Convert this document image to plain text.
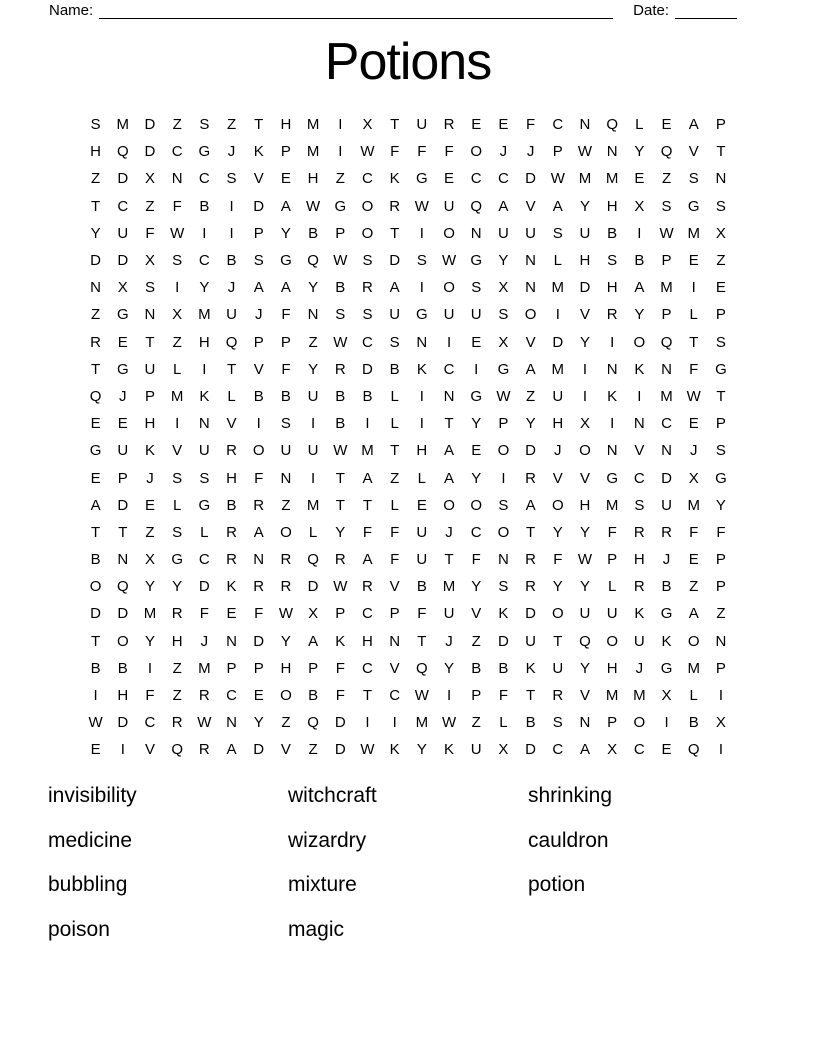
Name:	Date:
Potions
S	M	D	Z	S	Z	T	H	M	I	X	T	U	R	E	E	F	C	N	Q	L	E	A	P
H	Q	D	C	G	J	K	P	M	I	W	F	F	F	O	J	J	P	W N	Y	Q	V	T
Z	D	X	N	C	S	V	E	H	Z	C	K	G	E	C	C	D W M M	E	Z	S	N
T	C	Z	F	B	I	D	A	W G	O	R W U	Q	A	V	A	Y	H	X	S	G	S
Y	U	F	W	I	I	P	Y	B	P	O	T	I	O	N	U	U	S	U	B	I	W M	X
D	D	X	S	C	B	S	G	Q W	S	D	S	W G	Y	N	L	H	S	B	P	E	Z
N	X	S	I	Y	J	A	A	Y	B	R	A	I	O	S	X	N	M	D	H	A	M	I	E
Z	G	N	X	M	U	J	F	N	S	S	U	G	U	U	S	O	I	V	R	Y	P	L	P
R	E	T	Z	H	Q	P	P	Z	W C	S	N	I	E	X	V	D	Y	I	O	Q	T	S
T	G	U	L	I	T	V	F	Y	R	D	B	K	C	I	G	A	M	I	N	K	N	F	G
Q	J	P	M	K	L	B	B	U	B	B	L	I	N	G W	Z	U	I	K	I	M W	T
E	E	H	I	N	V	I	S	I	B	I	L	I	T	Y	P	Y	H	X	I	N	C	E	P
G	U	K	V	U	R	O	U	U W M	T	H	A	E	O	D	J	O	N	V	N	J	S
E	P	J	S	S	H	F	N	I	T	A	Z	L	A	Y	I	R	V	V	G	C	D	X	G
A	D	E	L	G	B	R	Z	M	T	T	L	E	O	O	S	A	O	H	M	S	U	M	Y
T	T	Z	S	L	R	A	O	L	Y	F	F	U	J	C	O	T	Y	Y	F	R	R	F	F
B	N	X	G	C	R	N	R	Q	R	A	F	U	T	F	N	R	F	W	P	H	J	E	P
O	Q	Y	Y	D	K	R	R	D W R	V	B	M	Y	S	R	Y	Y	L	R	B	Z	P
D	D	M	R	F	E	F	W	X	P	C	P	F	U	V	K	D	O	U	U	K	G	A	Z
T	O	Y	H	J	N	D	Y	A	K	H	N	T	J	Z	D	U	T	Q	O	U	K	O	N
B	B	I	Z	M	P	P	H	P	F	C	V	Q	Y	B	B	K	U	Y	H	J	G	M	P
I	H	F	Z	R	C	E	O	B	F	T	C W	I	P	F	T	R	V	M M	X	L	I
W D	C	R W N	Y	Z	Q	D	I	I	M W	Z	L	B	S	N	P	O	I	B	X
E	I	V	Q	R	A	D	V	Z	D W	K	Y	K	U	X	D	C	A	X	C	E	Q	I
invisibility
medicine
bubbling
poison
witchcraft
wizardry
mixture
magic
shrinking
cauldron
potion
